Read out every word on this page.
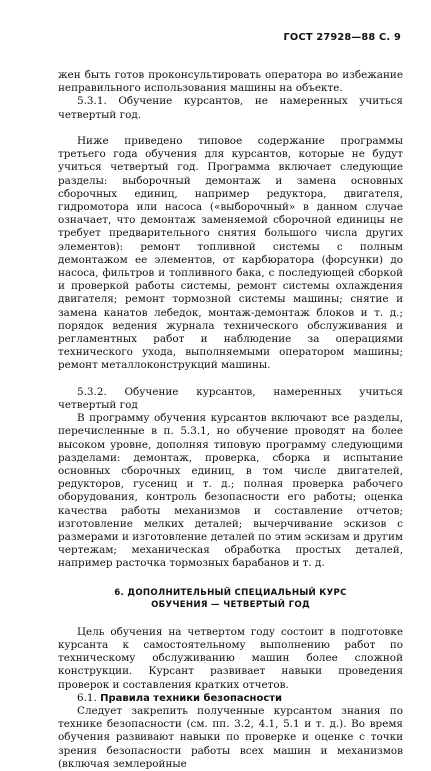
ГОСТ 27928—88 С. 9

жен быть готов проконсультировать оператора во избежание неправильного использования машины на объекте.

5.3.1. Обучение курсантов, не намеренных учиться четвертый год.

Ниже приведено типовое содержание программы третьего года обучения для курсантов, которые не будут учиться четвертый год. Программа включает следующие разделы: выборочный демонтаж и замена основных сборочных единиц, например редуктора, двигателя, гидромотора или насоса («выборочный» в данном случае означает, что демонтаж заменяемой сборочной единицы не требует предварительного снятия большого числа других элементов): ремонт топливной системы с полным демонтажом ее элементов, от карбюратора (форсунки) до насоса, фильтров и топливного бака, с последующей сборкой и проверкой работы системы, ремонт системы охлаждения двигателя; ремонт тормозной системы машины; снятие и замена канатов лебедок, монтаж-демонтаж блоков и т. д.; порядок ведения журнала технического обслуживания и регламентных работ и наблюдение за операциями технического ухода, выполняемыми оператором машины; ремонт металлоконструкций машины.

5.3.2. Обучение курсантов, намеренных учиться четвертый год

В программу обучения курсантов включают все разделы, перечисленные в п. 5.3.1, но обучение проводят на более высоком уровне, дополняя типовую программу следующими разделами: демонтаж, проверка, сборка и испытание основных сборочных единиц, в том числе двигателей, редукторов, гусениц и т. д.; полная проверка рабочего оборудования, контроль безопасности его работы; оценка качества работы механизмов и составление отчетов; изготовление мелких деталей; вычерчивание эскизов с размерами и изготовление деталей по этим эскизам и другим чертежам; механическая обработка простых деталей, например расточка тормозных барабанов и т. д.

6. ДОПОЛНИТЕЛЬНЫЙ СПЕЦИАЛЬНЫЙ КУРС
ОБУЧЕНИЯ — ЧЕТВЕРТЫЙ ГОД

Цель обучения на четвертом году состоит в подготовке курсанта к самостоятельному выполнению работ по техническому обслуживанию машин более сложной конструкции. Курсант развивает навыки проведения проверок и составления кратких отчетов.

6.1. Правила техники безопасности

Следует закрепить полученные курсантом знания по технике безопасности (см. пп. 3.2, 4.1, 5.1 и т. д.). Во время обучения развивают навыки по проверке и оценке с точки зрения безопасности работы всех машин и механизмов (включая землеройные
